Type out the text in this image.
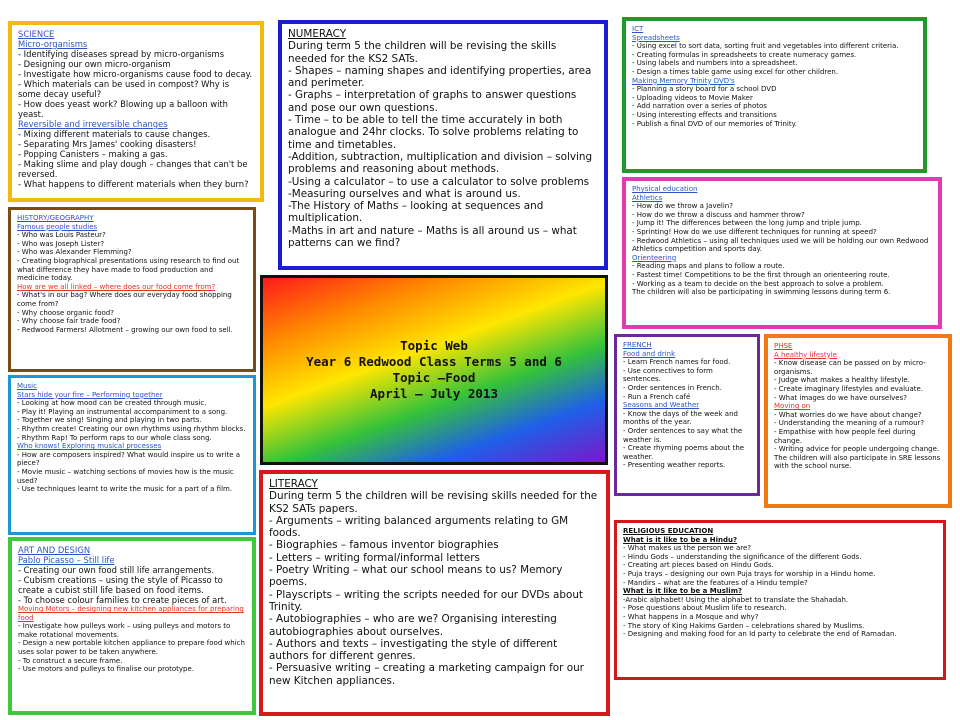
SCIENCE

Micro-organisms

- Identifying diseases spread by micro-organisms

- Designing our own micro-organism

- Investigate how micro-organisms cause food to decay.

- Which materials can be used in compost? Why is some decay useful?

- How does yeast work? Blowing up a balloon with yeast.

Reversible and irreversible changes

- Mixing different materials to cause changes.

- Separating Mrs James' cooking disasters!

- Popping Canisters – making a gas.

- Making slime and play dough – changes that can't be reversed.

- What happens to different materials when they burn?

HISTORY/GEOGRAPHY

Famous people studies

- Who was Louis Pasteur?

- Who was Joseph Lister?

- Who was Alexander Flemming?

- Creating biographical presentations using research to find out what difference they have made to food production and medicine today.

How are we all linked – where does our food come from?

- What's in our bag? Where does our everyday food shopping come from?

- Why choose organic food?

- Why choose fair trade food?

- Redwood Farmers! Allotment – growing our own food to sell.

Music

Stars hide your fire – Performing together

- Looking at how mood can be created through music.

- Play it! Playing an instrumental accompaniment to a song.

- Together we sing! Singing and playing in two parts.

- Rhythm create! Creating our own rhythms using rhythm blocks.

- Rhythm Rap! To perform raps to our whole class song.

Who knows! Exploring musical processes

- How are composers inspired? What would inspire us to write a piece?

- Movie music – watching sections of movies how is the music used?

- Use techniques learnt to write the music for a part of a film.

ART AND DESIGN

Pablo Picasso – Still life

- Creating our own food still life arrangements.

- Cubism creations – using the style of Picasso to create a cubist still life based on food items.

- To choose colour families to create pieces of art.

Moving Motors – designing new kitchen appliances for preparing food

- Investigate how pulleys work – using pulleys and motors to make rotational movements.

- Design a new portable kitchen appliance to prepare food which uses solar power to be taken anywhere.

- To construct a secure frame.

- Use motors and pulleys to finalise our prototype.

NUMERACY

During term 5 the children will be revising the skills needed for the KS2 SATs.

- Shapes – naming shapes and identifying properties, area and perimeter.

- Graphs – interpretation of graphs to answer questions and pose our own questions.

- Time – to be able to tell the time accurately in both analogue and 24hr clocks. To solve problems relating to time and timetables.

-Addition, subtraction, multiplication and division – solving problems and reasoning about methods.

-Using a calculator – to use a calculator to solve problems

-Measuring ourselves and what is around us.

-The History of Maths – looking at sequences and multiplication.

-Maths in art and nature – Maths is all around us – what patterns can we find?

Topic Web

Year 6 Redwood Class Terms 5 and 6

Topic –Food

April – July 2013

LITERACY

During term 5 the children will be revising skills needed for the KS2 SATs papers.

- Arguments – writing balanced arguments relating to GM foods.

- Biographies – famous inventor biographies

- Letters – writing formal/informal letters

- Poetry Writing – what our school means to us? Memory poems.

- Playscripts – writing the scripts needed for our DVDs about Trinity.

- Autobiographies – who are we? Organising interesting autobiographies about ourselves.

- Authors and texts – investigating the style of different authors for different genres.

- Persuasive writing – creating a marketing campaign for our new Kitchen appliances.

ICT

Spreadsheets

- Using excel to sort data, sorting fruit and vegetables into different criteria.

- Creating formulas in spreadsheets to create numeracy games.

- Using labels and numbers into a spreadsheet.

- Design a times table game using excel for other children.

Making Memory Trinity DVD's

- Planning a story board for a school DVD

- Uploading videos to Movie Maker

- Add narration over a series of photos

- Using interesting effects and transitions

- Publish a final DVD of our memories of Trinity.

Physical education

Athletics

- How do we throw a Javelin?

- How do we throw a discuss and hammer throw?

- Jump it! The differences between the long jump and triple jump.

- Sprinting! How do we use different techniques for running at speed?

- Redwood Athletics – using all techniques used we will be holding our own Redwood Athletics competition and sports day.

Orienteering

- Reading maps and plans to follow a route.

- Fastest time! Competitions to be the first through an orienteering route.

- Working as a team to decide on the best approach to solve a problem.

The children will also be participating in swimming lessons during term 6.

FRENCH

Food and drink

- Learn French names for food.

- Use connectives to form sentences.

- Order sentences in French.

- Run a French café

Seasons and Weather

- Know the days of the week and months of the year.

- Order sentences to say what the weather is.

- Create rhyming poems about the weather.

- Presenting weather reports.

PHSE

A healthy lifestyle

- Know disease can be passed on by micro-organisms.

- Judge what makes a healthy lifestyle.

- Create imaginary lifestyles and evaluate.

- What images do we have ourselves?

Moving on

- What worries do we have about change?

- Understanding the meaning of a rumour?

- Empathise with how people feel during change.

- Writing advice for people undergoing change.

The children will also participate in SRE lessons with the school nurse.

RELIGIOUS EDUCATION

What is it like to be a Hindu?

- What makes us the person we are?

- Hindu Gods – understanding the significance of the different Gods.

- Creating art pieces based on Hindu Gods.

- Puja trays – designing our own Puja trays for worship in a Hindu home.

- Mandirs – what are the features of a Hindu temple?

What is it like to be a Muslim?

-Arabic alphabet! Using the alphabet to translate the Shahadah.

- Pose questions about Muslim life to research.

- What happens in a Mosque and why?

- The story of King Hakims Garden – celebrations shared by Muslims.

- Designing and making food for an Id party to celebrate the end of Ramadan.
